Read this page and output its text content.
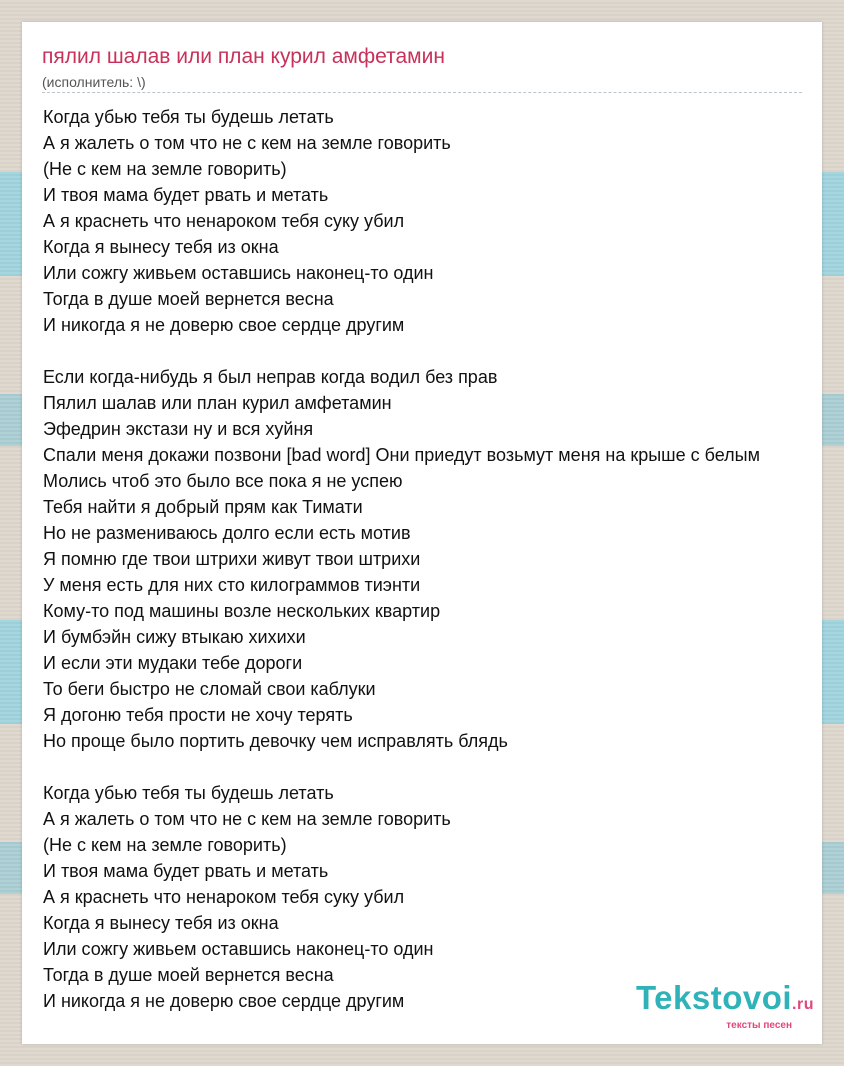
пялил шалав или план курил амфетамин
(исполнитель: \)
Когда убью тебя ты будешь летать
А я жалеть о том что не с кем на земле говорить
(Не с кем на земле говорить)
И твоя мама будет рвать и метать
А я краснеть что ненароком тебя суку убил
Когда я вынесу тебя из окна
Или сожгу живьем оставшись наконец-то один
Тогда в душе моей вернется весна
И никогда я не доверю свое сердце другим
Если когда-нибудь я был неправ когда водил без прав
Пялил шалав или план курил амфетамин
Эфедрин экстази ну и вся хуйня
Спали меня докажи позвони [bad word] Они приедут возьмут меня на крыше с белым
Молись чтоб это было все пока я не успею
Тебя найти я добрый прям как Тимати
Но не размениваюсь долго если есть мотив
Я помню где твои штрихи живут твои штрихи
У меня есть для них сто килограммов тиэнти
Кому-то под машины возле нескольких квартир
И бумбэйн сижу втыкаю хихихи
И если эти мудаки тебе дороги
То беги быстро не сломай свои каблуки
Я догоню тебя прости не хочу терять
Но проще было портить девочку чем исправлять блядь
Когда убью тебя ты будешь летать
А я жалеть о том что не с кем на земле говорить
(Не с кем на земле говорить)
И твоя мама будет рвать и метать
А я краснеть что ненароком тебя суку убил
Когда я вынесу тебя из окна
Или сожгу живьем оставшись наконец-то один
Тогда в душе моей вернется весна
И никогда я не доверю свое сердце другим	Tekstovoi.ru
тексты песен
